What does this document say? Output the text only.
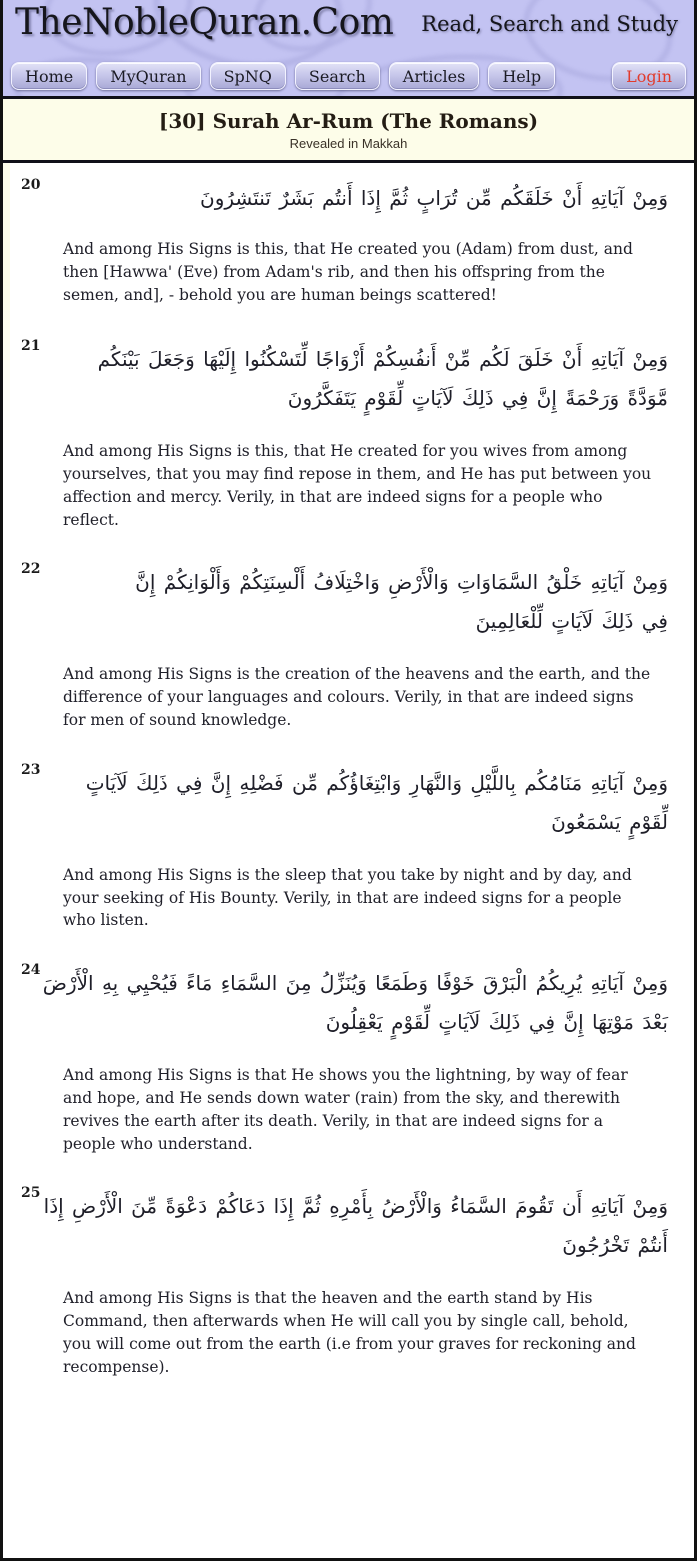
TheNobleQuran.Com Read, Search and Study
Home	MyQuran	SpNQ	Search	Articles	Help	Login
[30] Surah Ar-Rum (The Romans)
Revealed in Makkah
20
وَمِنْ آيَاتِهِ أَنْ خَلَقَكُم مِّن تُرَابٍ ثُمَّ إِذَا أَنتُم بَشَرٌ تَنتَشِرُونَ
And among His Signs is this, that He created you (Adam) from dust, and then [Hawwa' (Eve) from Adam's rib, and then his offspring from the semen, and], - behold you are human beings scattered!
21
وَمِنْ آيَاتِهِ أَنْ خَلَقَ لَكُم مِّنْ أَنفُسِكُمْ أَزْوَاجًا لِّتَسْكُنُوا إِلَيْهَا وَجَعَلَ بَيْنَكُم مَّوَدَّةً وَرَحْمَةً إِنَّ فِي ذَلِكَ لَآيَاتٍ لِّقَوْمٍ يَتَفَكَّرُونَ
And among His Signs is this, that He created for you wives from among yourselves, that you may find repose in them, and He has put between you affection and mercy. Verily, in that are indeed signs for a people who reflect.
22
وَمِنْ آيَاتِهِ خَلْقُ السَّمَاوَاتِ وَالْأَرْضِ وَاخْتِلَافُ أَلْسِنَتِكُمْ وَأَلْوَانِكُمْ إِنَّ فِي ذَلِكَ لَآيَاتٍ لِّلْعَالِمِينَ
And among His Signs is the creation of the heavens and the earth, and the difference of your languages and colours. Verily, in that are indeed signs for men of sound knowledge.
23
وَمِنْ آيَاتِهِ مَنَامُكُم بِاللَّيْلِ وَالنَّهَارِ وَابْتِغَاؤُكُم مِّن فَضْلِهِ إِنَّ فِي ذَلِكَ لَآيَاتٍ لِّقَوْمٍ يَسْمَعُونَ
And among His Signs is the sleep that you take by night and by day, and your seeking of His Bounty. Verily, in that are indeed signs for a people who listen.
24
وَمِنْ آيَاتِهِ يُرِيكُمُ الْبَرْقَ خَوْفًا وَطَمَعًا وَيُنَزِّلُ مِنَ السَّمَاءِ مَاءً فَيُحْيِي بِهِ الْأَرْضَ بَعْدَ مَوْتِهَا إِنَّ فِي ذَلِكَ لَآيَاتٍ لِّقَوْمٍ يَعْقِلُونَ
And among His Signs is that He shows you the lightning, by way of fear and hope, and He sends down water (rain) from the sky, and therewith revives the earth after its death. Verily, in that are indeed signs for a people who understand.
25
وَمِنْ آيَاتِهِ أَن تَقُومَ السَّمَاءُ وَالْأَرْضُ بِأَمْرِهِ ثُمَّ إِذَا دَعَاكُمْ دَعْوَةً مِّنَ الْأَرْضِ إِذَا أَنتُمْ تَخْرُجُونَ
And among His Signs is that the heaven and the earth stand by His Command, then afterwards when He will call you by single call, behold, you will come out from the earth (i.e from your graves for reckoning and recompense).
